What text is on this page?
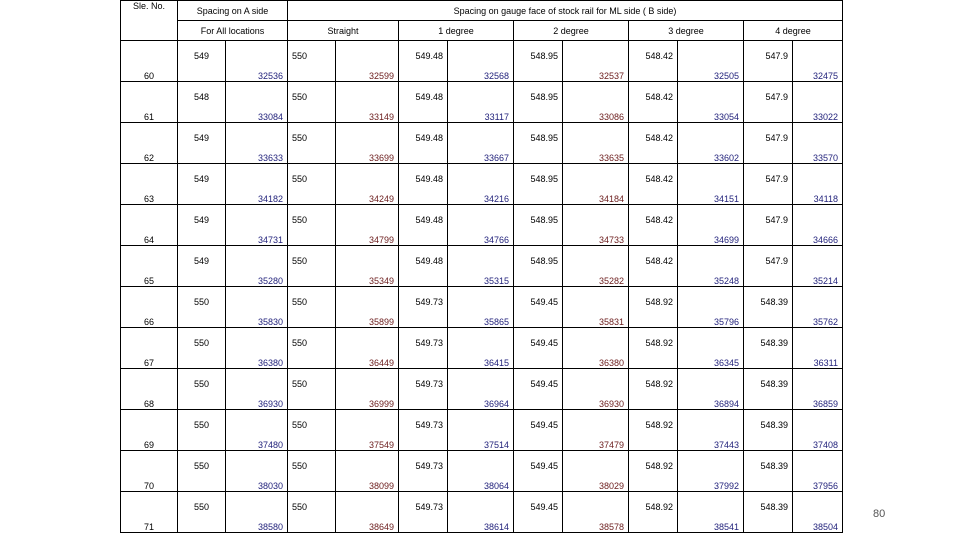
Sle. No.	Spacing on A side		Spacing on gauge face of stock rail for ML side ( B side)									
	For All locations		Straight		1 degree		2 degree		3 degree		4 degree	
	549		550		549.48		548.95		548.42		547.9	
60		32536		32599		32568		32537		32505		32475
	548		550		549.48		548.95		548.42		547.9	
61		33084		33149		33117		33086		33054		33022
	549		550		549.48		548.95		548.42		547.9	
62		33633		33699		33667		33635		33602		33570
	549		550		549.48		548.95		548.42		547.9	
63		34182		34249		34216		34184		34151		34118
	549		550		549.48		548.95		548.42		547.9	
64		34731		34799		34766		34733		34699		34666
	549		550		549.48		548.95		548.42		547.9	
65		35280		35349		35315		35282		35248		35214
	550		550		549.73		549.45		548.92		548.39	
66		35830		35899		35865		35831		35796		35762
	550		550		549.73		549.45		548.92		548.39	
67		36380		36449		36415		36380		36345		36311
	550		550		549.73		549.45		548.92		548.39	
68		36930		36999		36964		36930		36894		36859
	550		550		549.73		549.45		548.92		548.39	
69		37480		37549		37514		37479		37443		37408
	550		550		549.73		549.45		548.92		548.39	
70		38030		38099		38064		38029		37992		37956
	550		550		549.73		549.45		548.92		548.39	
71		38580		38649		38614		38578		38541		38504
80
